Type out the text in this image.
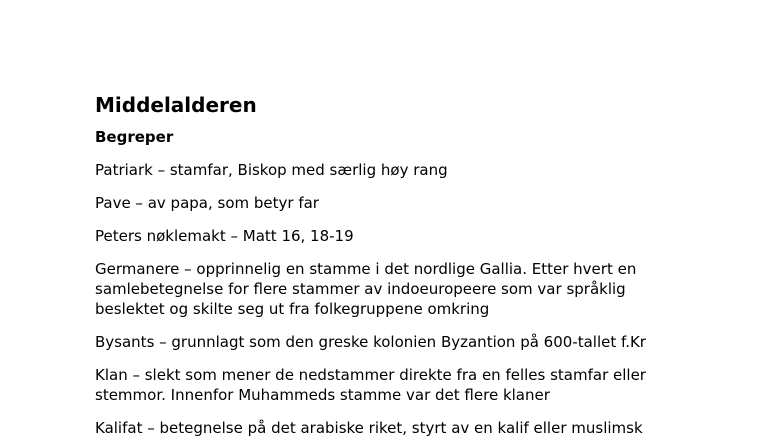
Middelalderen
Begreper
Patriark – stamfar, Biskop med særlig høy rang
Pave – av papa, som betyr far
Peters nøklemakt – Matt 16, 18-19
Germanere – opprinnelig en stamme i det nordlige Gallia. Etter hvert en
samlebetegnelse for flere stammer av indoeuropeere som var språklig
beslektet og skilte seg ut fra folkegruppene omkring
Bysants – grunnlagt som den greske kolonien Byzantion på 600-tallet f.Kr
Klan – slekt som mener de nedstammer direkte fra en felles stamfar eller
stemmor. Innenfor Muhammeds stamme var det flere klaner
Kalifat – betegnelse på det arabiske riket, styrt av en kalif eller muslimsk
